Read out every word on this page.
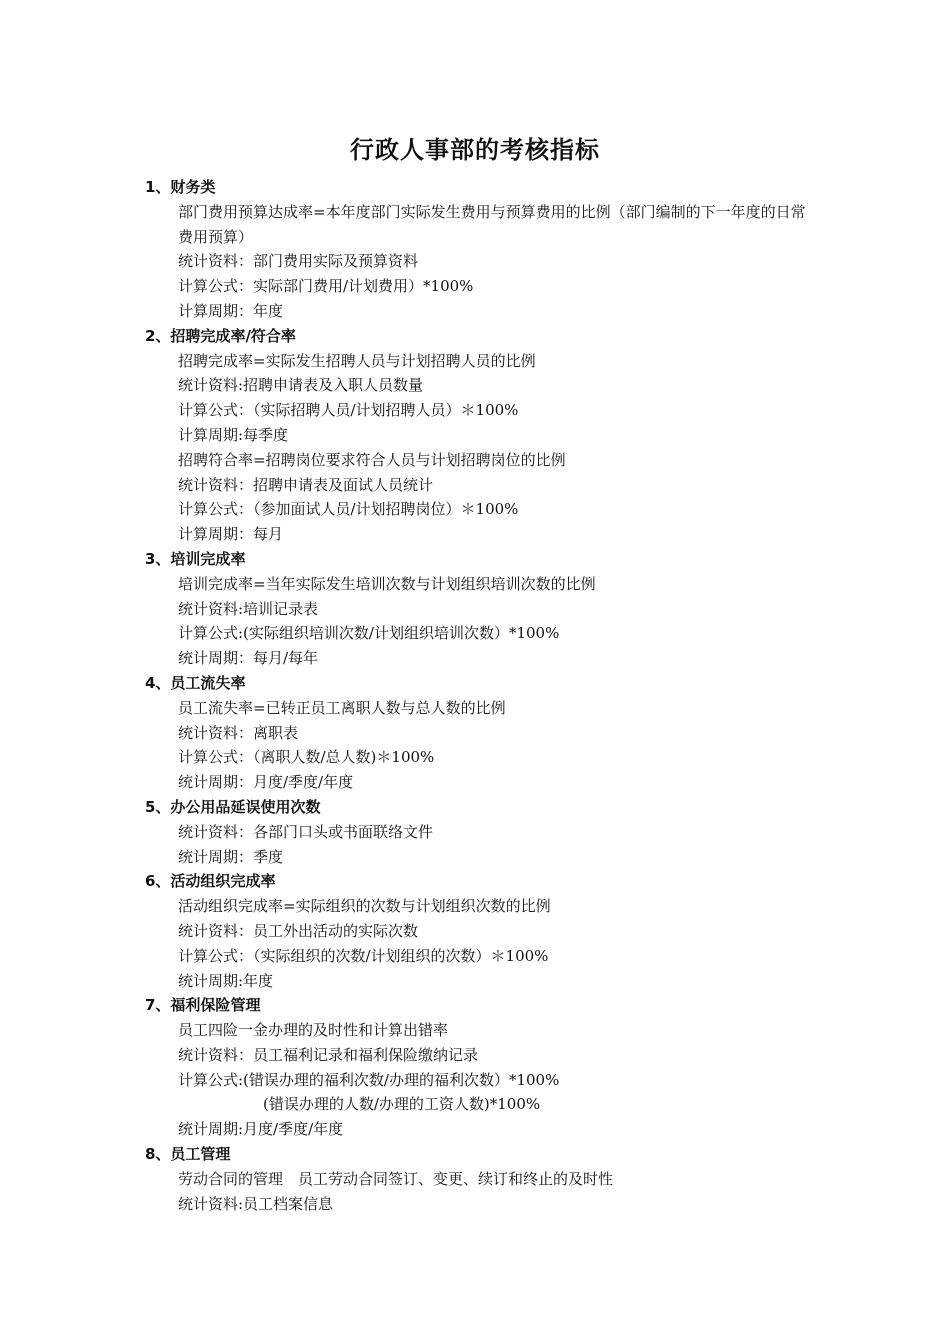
行政人事部的考核指标
1、财务类
部门费用预算达成率=本年度部门实际发生费用与预算费用的比例（部门编制的下一年度的日常费用预算）
统计资料：部门费用实际及预算资料
计算公式：实际部门费用/计划费用）*100%
计算周期：年度
2、招聘完成率/符合率
招聘完成率=实际发生招聘人员与计划招聘人员的比例
统计资料:招聘申请表及入职人员数量
计算公式：（实际招聘人员/计划招聘人员）＊100%
计算周期:每季度
招聘符合率=招聘岗位要求符合人员与计划招聘岗位的比例
统计资料：招聘申请表及面试人员统计
计算公式：（参加面试人员/计划招聘岗位）＊100%
计算周期：每月
3、培训完成率
培训完成率=当年实际发生培训次数与计划组织培训次数的比例
统计资料:培训记录表
计算公式:(实际组织培训次数/计划组织培训次数）*100%
统计周期：每月/每年
4、员工流失率
员工流失率=已转正员工离职人数与总人数的比例
统计资料：离职表
计算公式：（离职人数/总人数)＊100%
统计周期：月度/季度/年度
5、办公用品延误使用次数
统计资料：各部门口头或书面联络文件
统计周期：季度
6、活动组织完成率
活动组织完成率=实际组织的次数与计划组织次数的比例
统计资料：员工外出活动的实际次数
计算公式：（实际组织的次数/计划组织的次数）＊100%
统计周期:年度
7、福利保险管理
员工四险一金办理的及时性和计算出错率
统计资料：员工福利记录和福利保险缴纳记录
计算公式:(错误办理的福利次数/办理的福利次数）*100%
(错误办理的人数/办理的工资人数)*100%
统计周期:月度/季度/年度
8、员工管理
劳动合同的管理　员工劳动合同签订、变更、续订和终止的及时性
统计资料:员工档案信息
